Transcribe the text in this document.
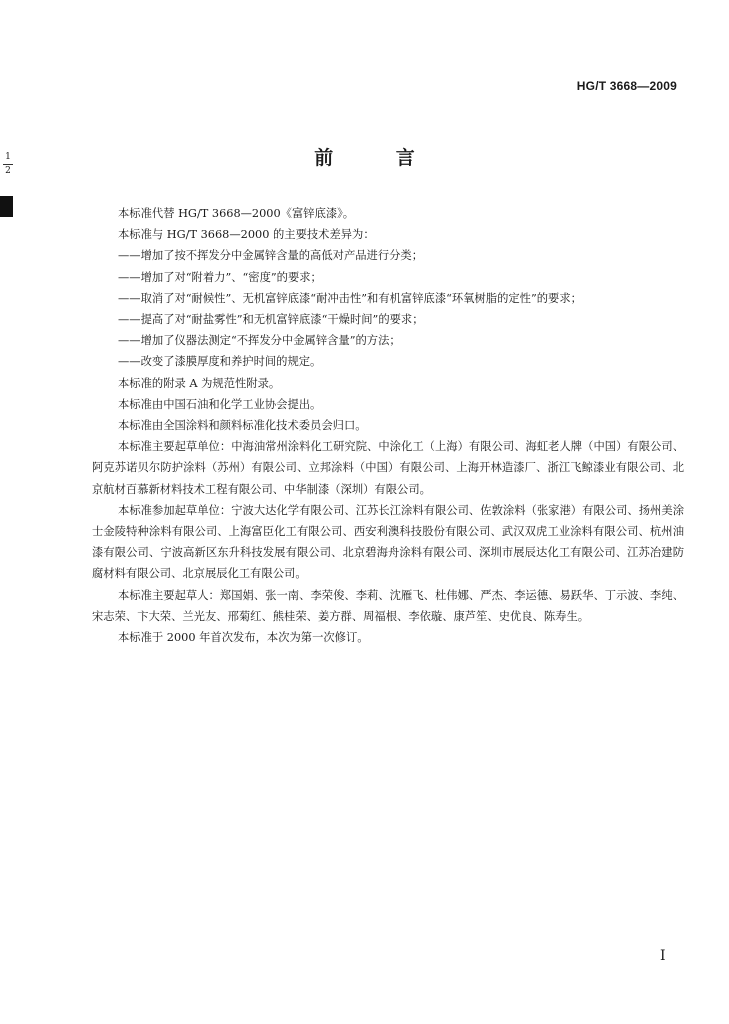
HG/T 3668—2009
1
2
前 言

本标准代替 HG/T 3668—2000《富锌底漆》。

本标准与 HG/T 3668—2000 的主要技术差异为：

——增加了按不挥发分中金属锌含量的高低对产品进行分类；

——增加了对“附着力”、“密度”的要求；

——取消了对“耐候性”、无机富锌底漆“耐冲击性”和有机富锌底漆“环氧树脂的定性”的要求；

——提高了对“耐盐雾性”和无机富锌底漆“干燥时间”的要求；

——增加了仪器法测定“不挥发分中金属锌含量”的方法；

——改变了漆膜厚度和养护时间的规定。

本标准的附录 A 为规范性附录。

本标准由中国石油和化学工业协会提出。

本标准由全国涂料和颜料标准化技术委员会归口。

本标准主要起草单位：中海油常州涂料化工研究院、中涂化工（上海）有限公司、海虹老人牌（中国）有限公司、阿克苏诺贝尔防护涂料（苏州）有限公司、立邦涂料（中国）有限公司、上海开林造漆厂、浙江飞鲸漆业有限公司、北京航材百慕新材料技术工程有限公司、中华制漆（深圳）有限公司。

本标准参加起草单位：宁波大达化学有限公司、江苏长江涂料有限公司、佐敦涂料（张家港）有限公司、扬州美涂士金陵特种涂料有限公司、上海富臣化工有限公司、西安利澳科技股份有限公司、武汉双虎工业涂料有限公司、杭州油漆有限公司、宁波高新区东升科技发展有限公司、北京碧海舟涂料有限公司、深圳市展辰达化工有限公司、江苏冶建防腐材料有限公司、北京展辰化工有限公司。

本标准主要起草人：郑国娟、张一南、李荣俊、李莉、沈雁飞、杜伟娜、严杰、李运德、易跃华、丁示波、李纯、宋志荣、卞大荣、兰光友、邢菊红、熊桂荣、姜方群、周福根、李依璇、康芦笙、史优良、陈寿生。

本标准于 2000 年首次发布，本次为第一次修订。

I
